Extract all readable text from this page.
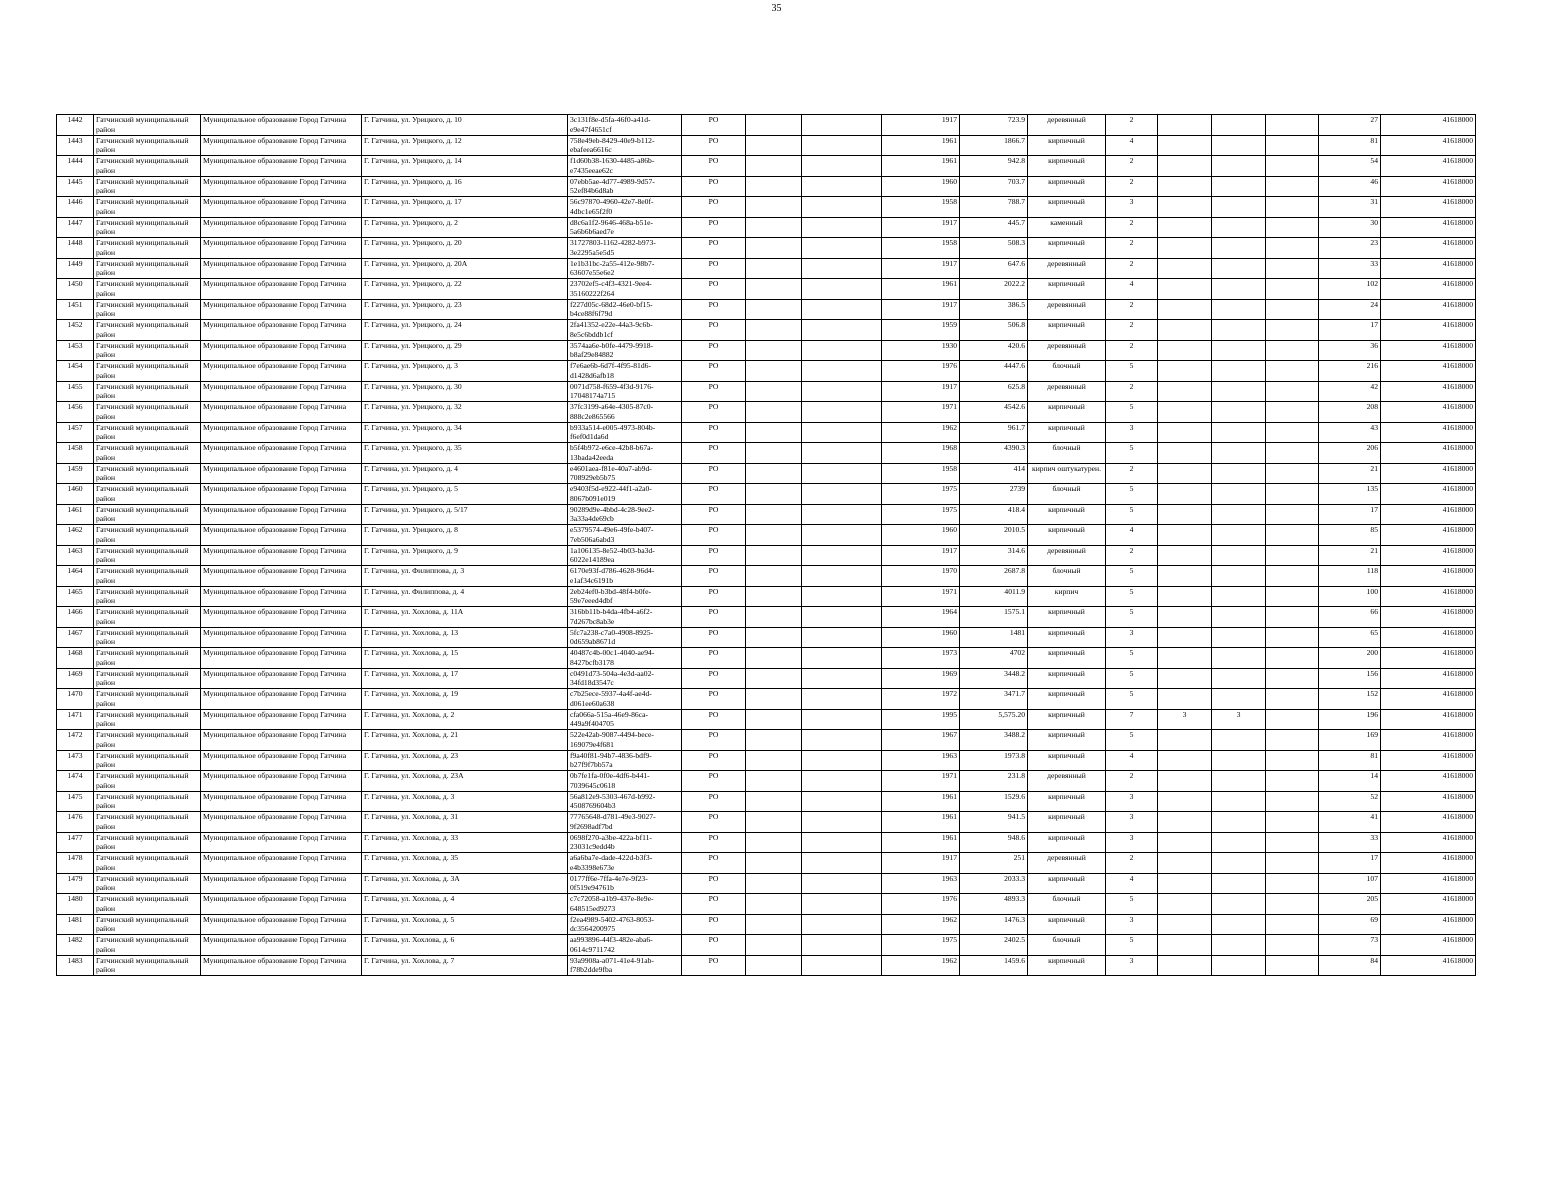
35
1442	Гатчинский муниципальный район	Муниципальное образование Город Гатчина	Г. Гатчина, ул. Урицкого, д. 10	3c131f8e-d5fa-46f0-a41d-e9e47f4651cf	РО			1917	723.9	деревянный	2				27	41618000
1443	Гатчинский муниципальный район	Муниципальное образование Город Гатчина	Г. Гатчина, ул. Урицкого, д. 12	758e49eb-8429-40e9-b112-ebafeea6616c	РО			1961	1866.7	кирпичный	4				81	41618000
1444	Гатчинский муниципальный район	Муниципальное образование Город Гатчина	Г. Гатчина, ул. Урицкого, д. 14	f1d60b38-1630-4485-a86b-e7435eeae62c	РО			1961	942.8	кирпичный	2				54	41618000
1445	Гатчинский муниципальный район	Муниципальное образование Город Гатчина	Г. Гатчина, ул. Урицкого, д. 16	07ebb5ae-4d77-4989-9d57-52ef84b6d8ab	РО			1960	703.7	кирпичный	2				46	41618000
1446	Гатчинский муниципальный район	Муниципальное образование Город Гатчина	Г. Гатчина, ул. Урицкого, д. 17	56c97870-4960-42e7-8e0f-4dbc1e65f2f0	РО			1958	788.7	кирпичный	3				31	41618000
1447	Гатчинский муниципальный район	Муниципальное образование Город Гатчина	Г. Гатчина, ул. Урицкого, д. 2	d8c6a1f2-9646-468a-b51e-5a6b6b6aed7e	РО			1917	445.7	каменный	2				30	41618000
1448	Гатчинский муниципальный район	Муниципальное образование Город Гатчина	Г. Гатчина, ул. Урицкого, д. 20	31727803-1162-4282-b973-3e2295a5e5d5	РО			1958	508.3	кирпичный	2				23	41618000
1449	Гатчинский муниципальный район	Муниципальное образование Город Гатчина	Г. Гатчина, ул. Урицкого, д. 20А	1e1b31bc-2a55-412e-98b7-63607e55e6e2	РО			1917	647.6	деревянный	2				33	41618000
1450	Гатчинский муниципальный район	Муниципальное образование Город Гатчина	Г. Гатчина, ул. Урицкого, д. 22	23702ef5-c4f3-4321-9ee4-35160222f264	РО			1961	2022.2	кирпичный	4				102	41618000
1451	Гатчинский муниципальный район	Муниципальное образование Город Гатчина	Г. Гатчина, ул. Урицкого, д. 23	f227d05c-68d2-46e0-bf15-b4ce88f6f79d	РО			1917	386.5	деревянный	2				24	41618000
1452	Гатчинский муниципальный район	Муниципальное образование Город Гатчина	Г. Гатчина, ул. Урицкого, д. 24	2fa41352-e22e-44a3-9c6b-8e5c6bddb1cf	РО			1959	506.8	кирпичный	2				17	41618000
1453	Гатчинский муниципальный район	Муниципальное образование Город Гатчина	Г. Гатчина, ул. Урицкого, д. 29	3574aa6e-b0fe-4479-9918-b8af29e84882	РО			1930	420.6	деревянный	2				36	41618000
1454	Гатчинский муниципальный район	Муниципальное образование Город Гатчина	Г. Гатчина, ул. Урицкого, д. 3	f7e6ae6b-6d7f-4f95-81d6-d1428d6afb18	РО			1976	4447.6	блочный	5				216	41618000
1455	Гатчинский муниципальный район	Муниципальное образование Город Гатчина	Г. Гатчина, ул. Урицкого, д. 30	0071d758-f659-4f3d-9176-17048174a715	РО			1917	625.8	деревянный	2				42	41618000
1456	Гатчинский муниципальный район	Муниципальное образование Город Гатчина	Г. Гатчина, ул. Урицкого, д. 32	37fc3199-a64e-4305-87c0-888c2e865566	РО			1971	4542.6	кирпичный	5				208	41618000
1457	Гатчинский муниципальный район	Муниципальное образование Город Гатчина	Г. Гатчина, ул. Урицкого, д. 34	b933a514-e005-4973-804b-f6ef0d1da6d	РО			1962	961.7	кирпичный	3				43	41618000
1458	Гатчинский муниципальный район	Муниципальное образование Город Гатчина	Г. Гатчина, ул. Урицкого, д. 35	b5f4b972-e6ce-42b8-b67a-13bada42eeda	РО			1968	4390.3	блочный	5				206	41618000
1459	Гатчинский муниципальный район	Муниципальное образование Город Гатчина	Г. Гатчина, ул. Урицкого, д. 4	e4601aea-f81e-40a7-ab9d-708929eb5b75	РО			1958	414	кирпич оштукатурен.	2				21	41618000
1460	Гатчинский муниципальный район	Муниципальное образование Город Гатчина	Г. Гатчина, ул. Урицкого, д. 5	e9403f5d-e922-44f1-a2a0-8067b091e019	РО			1975	2739	блочный	5				135	41618000
1461	Гатчинский муниципальный район	Муниципальное образование Город Гатчина	Г. Гатчина, ул. Урицкого, д. 5/17	90289d9e-4bbd-4c28-9ee2-3a33a4de69cb	РО			1975	418.4	кирпичный	5				17	41618000
1462	Гатчинский муниципальный район	Муниципальное образование Город Гатчина	Г. Гатчина, ул. Урицкого, д. 8	e5379574-49e6-49fe-b407-7eb506a6abd3	РО			1960	2010.5	кирпичный	4				85	41618000
1463	Гатчинский муниципальный район	Муниципальное образование Город Гатчина	Г. Гатчина, ул. Урицкого, д. 9	1a106135-8e52-4b03-ba3d-6022e14189ea	РО			1917	314.6	деревянный	2				21	41618000
1464	Гатчинский муниципальный район	Муниципальное образование Город Гатчина	Г. Гатчина, ул. Филиппова, д. 3	6170e93f-d786-4628-96d4-e1af34c6191b	РО			1970	2687.8	блочный	5				118	41618000
1465	Гатчинский муниципальный район	Муниципальное образование Город Гатчина	Г. Гатчина, ул. Филиппова, д. 4	2eb24ef0-b3bd-48f4-b0fe-59e7eeed4dbf	РО			1971	4011.9	кирпич	5				100	41618000
1466	Гатчинский муниципальный район	Муниципальное образование Город Гатчина	Г. Гатчина, ул. Хохлова, д. 11А	316bb11b-b4da-4fb4-a6f2-7d267bc8ab3e	РО			1964	1575.1	кирпичный	5				66	41618000
1467	Гатчинский муниципальный район	Муниципальное образование Город Гатчина	Г. Гатчина, ул. Хохлова, д. 13	5fc7a238-c7a0-4908-8925-0d659ab8671d	РО			1960	1481	кирпичный	3				65	41618000
1468	Гатчинский муниципальный район	Муниципальное образование Город Гатчина	Г. Гатчина, ул. Хохлова, д. 15	40487c4b-00c1-4040-ae94-8427bcfb3178	РО			1973	4702	кирпичный	5				200	41618000
1469	Гатчинский муниципальный район	Муниципальное образование Город Гатчина	Г. Гатчина, ул. Хохлова, д. 17	c0491d73-504a-4e3d-aa02-34fd18d3547c	РО			1969	3448.2	кирпичный	5				156	41618000
1470	Гатчинский муниципальный район	Муниципальное образование Город Гатчина	Г. Гатчина, ул. Хохлова, д. 19	c7b25ece-5937-4a4f-ae4d-d061ee60a638	РО			1972	3471.7	кирпичный	5				152	41618000
1471	Гатчинский муниципальный район	Муниципальное образование Город Гатчина	Г. Гатчина, ул. Хохлова, д. 2	cfa066a-515a-46e9-86ca-449a9f404705	РО			1995	5,575.20	кирпичный	7	3	3		196	41618000
1472	Гатчинский муниципальный район	Муниципальное образование Город Гатчина	Г. Гатчина, ул. Хохлова, д. 21	522e42ab-9087-4494-bece-169079e4f681	РО			1967	3488.2	кирпичный	5				169	41618000
1473	Гатчинский муниципальный район	Муниципальное образование Город Гатчина	Г. Гатчина, ул. Хохлова, д. 23	f9a40f81-94b7-4836-bdf9-b27f9f7bb57a	РО			1963	1973.8	кирпичный	4				81	41618000
1474	Гатчинский муниципальный район	Муниципальное образование Город Гатчина	Г. Гатчина, ул. Хохлова, д. 23А	0b7fe1fa-0f0e-4df6-b441-7039645c0618	РО			1971	231.8	деревянный	2				14	41618000
1475	Гатчинский муниципальный район	Муниципальное образование Город Гатчина	Г. Гатчина, ул. Хохлова, д. 3	56a812e9-5303-467d-b992-4508769604b3	РО			1961	1529.6	кирпичный	3				52	41618000
1476	Гатчинский муниципальный район	Муниципальное образование Город Гатчина	Г. Гатчина, ул. Хохлова, д. 31	77765648-d781-49e3-9027-9f2698adf7bd	РО			1961	941.5	кирпичный	3				41	41618000
1477	Гатчинский муниципальный район	Муниципальное образование Город Гатчина	Г. Гатчина, ул. Хохлова, д. 33	0698f270-a3be-422a-bf11-23031c9edd4b	РО			1961	948.6	кирпичный	3				33	41618000
1478	Гатчинский муниципальный район	Муниципальное образование Город Гатчина	Г. Гатчина, ул. Хохлова, д. 35	a6a6ba7e-dade-422d-b3f3-e4b3398e673e	РО			1917	251	деревянный	2				17	41618000
1479	Гатчинский муниципальный район	Муниципальное образование Город Гатчина	Г. Гатчина, ул. Хохлова, д. 3А	0177ff6e-7ffa-4e7e-9f23-0f519e94761b	РО			1963	2033.3	кирпичный	4				107	41618000
1480	Гатчинский муниципальный район	Муниципальное образование Город Гатчина	Г. Гатчина, ул. Хохлова, д. 4	c7c72058-a1b9-437e-8e9e-648515ed9273	РО			1976	4893.3	блочный	5				205	41618000
1481	Гатчинский муниципальный район	Муниципальное образование Город Гатчина	Г. Гатчина, ул. Хохлова, д. 5	f2ea4989-5402-4763-8053-dc3564200975	РО			1962	1476.3	кирпичный	3				69	41618000
1482	Гатчинский муниципальный район	Муниципальное образование Город Гатчина	Г. Гатчина, ул. Хохлова, д. 6	aa993896-44f3-482e-aba6-0614c9711742	РО			1975	2402.5	блочный	5				73	41618000
1483	Гатчинский муниципальный район	Муниципальное образование Город Гатчина	Г. Гатчина, ул. Хохлова, д. 7	93a9908a-a071-41e4-91ab-f78b2dde9fba	РО			1962	1459.6	кирпичный	3				84	41618000
